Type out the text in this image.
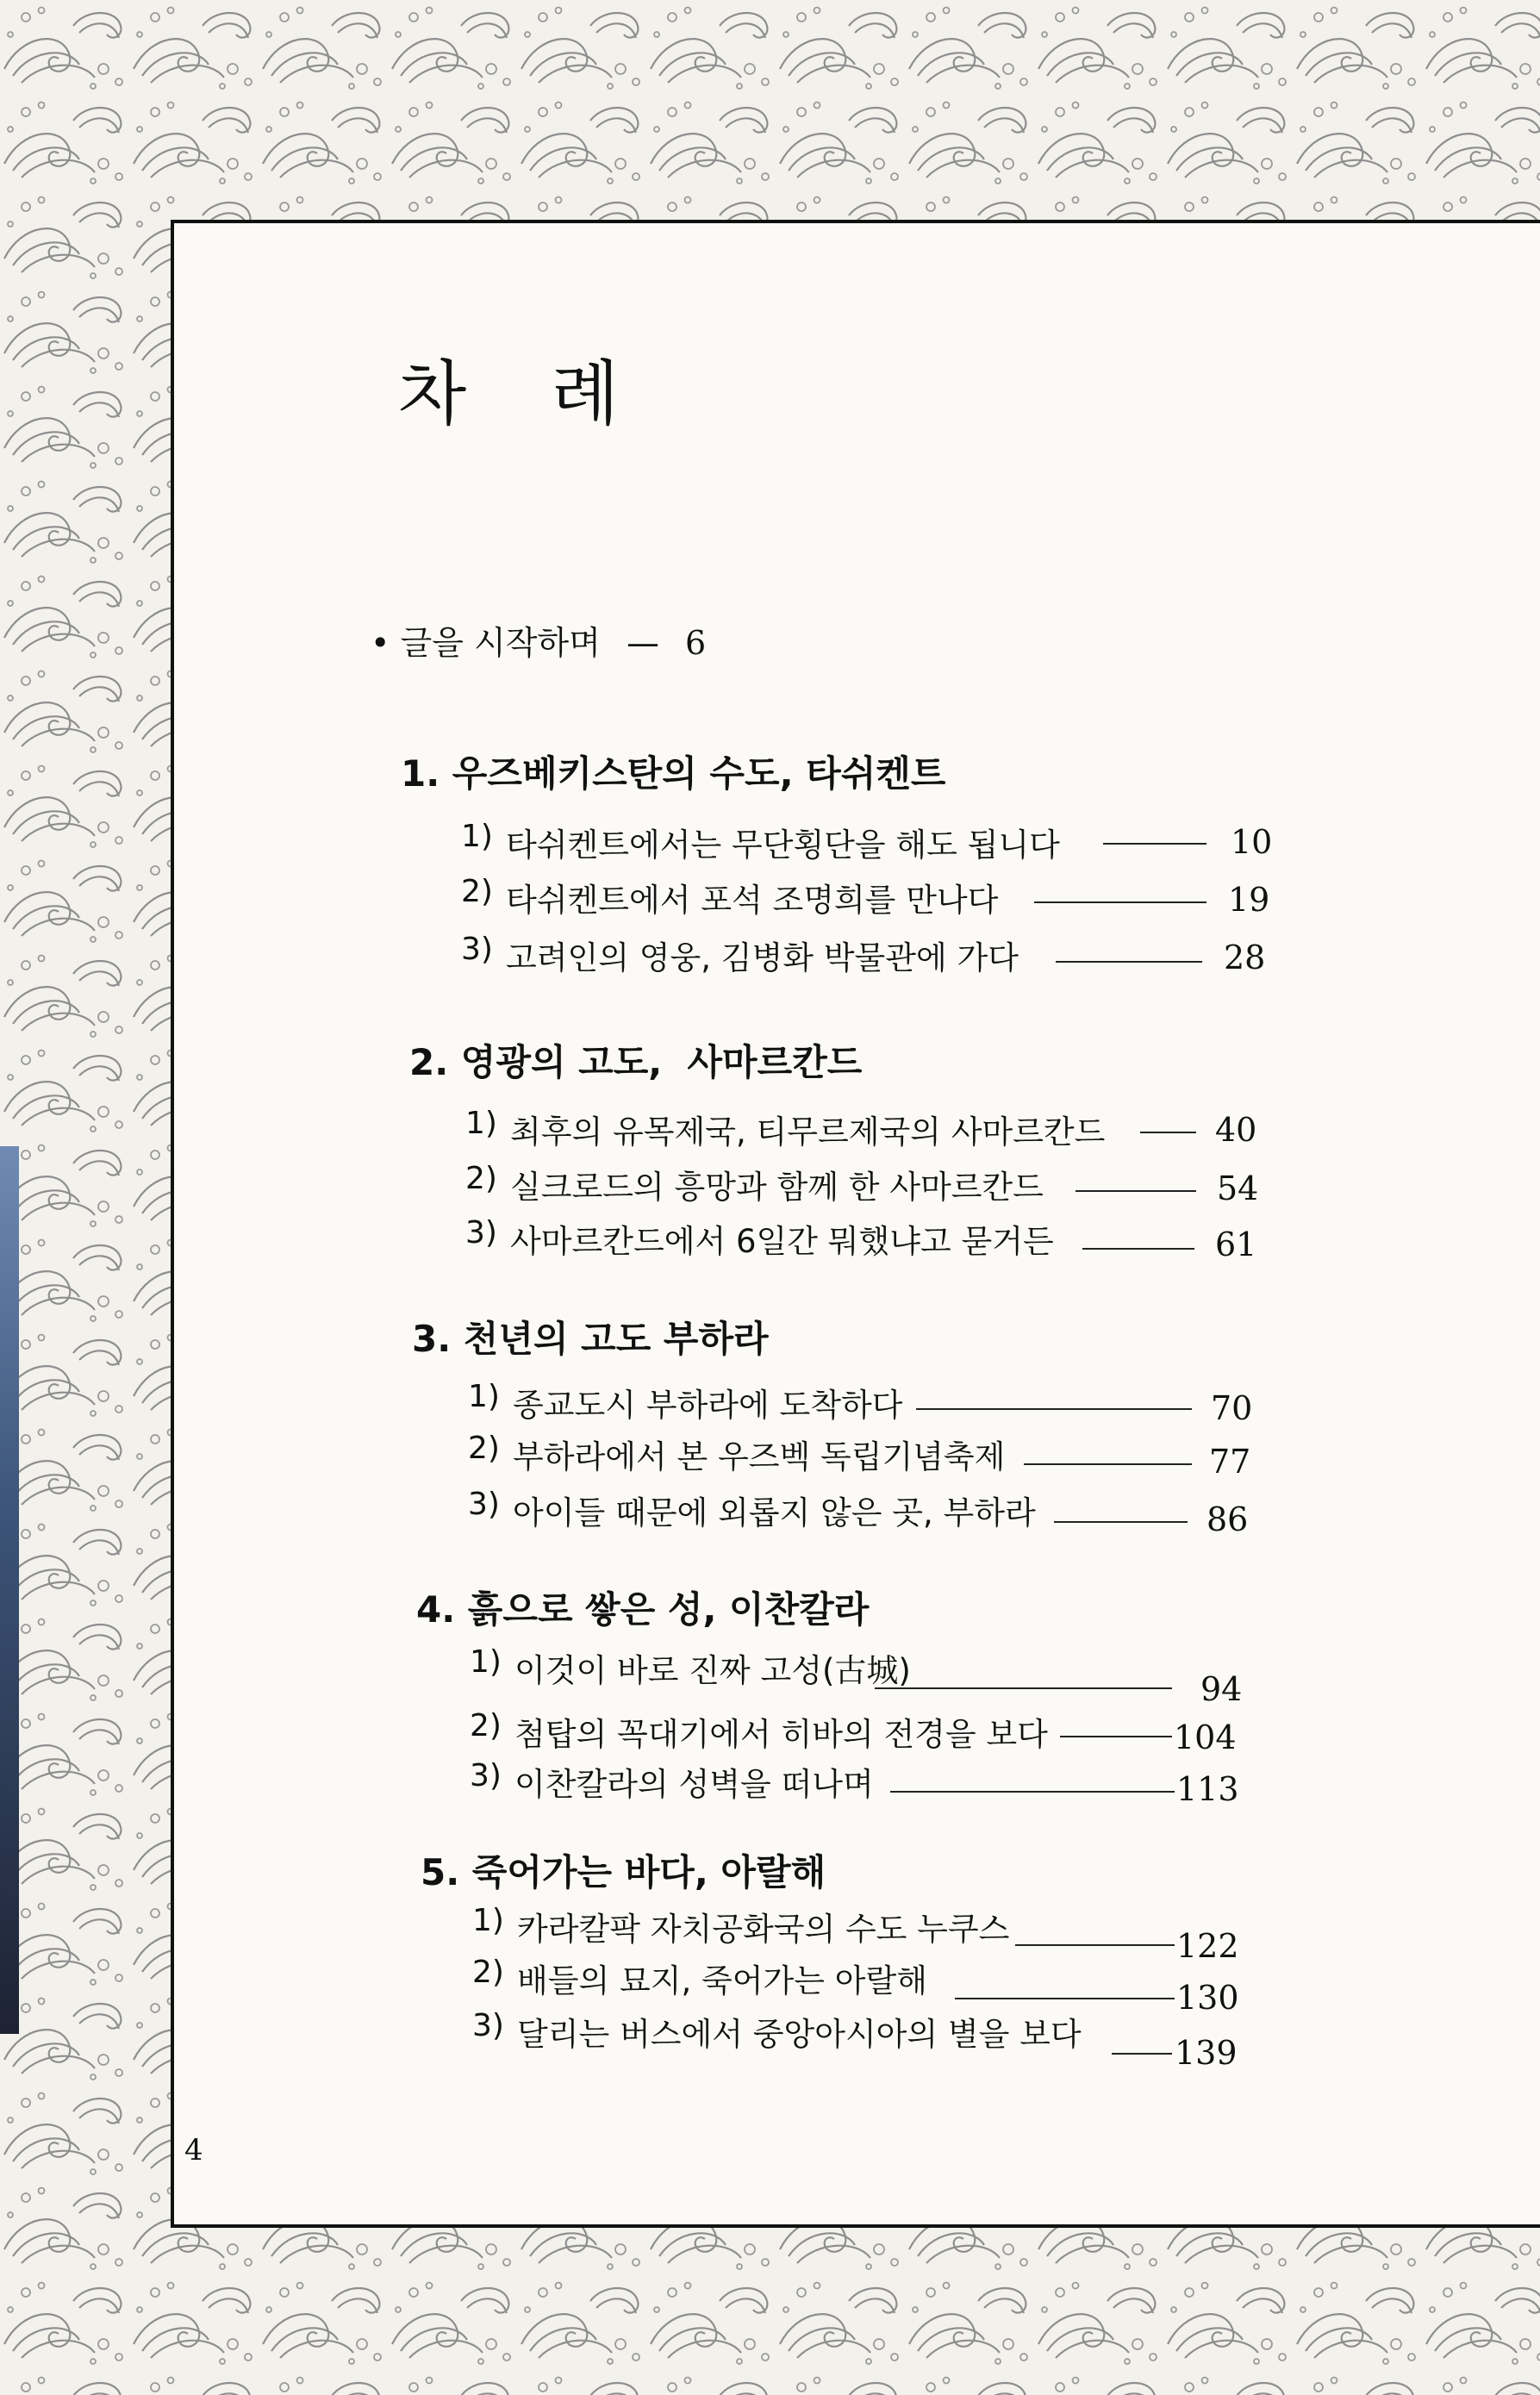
차 례
• 글을 시작하며 — 6
1. 우즈베키스탄의 수도, 타쉬켄트
1) 타쉬켄트에서는 무단횡단을 해도 됩니다	10
2) 타쉬켄트에서 포석 조명희를 만나다	19
3) 고려인의 영웅, 김병화 박물관에 가다	28
2. 영광의 고도,  사마르칸드
1) 최후의 유목제국, 티무르제국의 사마르칸드	40
2) 실크로드의 흥망과 함께 한 사마르칸드	54
3) 사마르칸드에서 6일간 뭐했냐고 묻거든	61
3. 천년의 고도 부하라
1) 종교도시 부하라에 도착하다	70
2) 부하라에서 본 우즈벡 독립기념축제	77
3) 아이들 때문에 외롭지 않은 곳, 부하라	86
4. 흙으로 쌓은 성, 이찬칼라
1) 이것이 바로 진짜 고성(古城)	94
2) 첨탑의 꼭대기에서 히바의 전경을 보다	104
3) 이찬칼라의 성벽을 떠나며	113
5. 죽어가는 바다, 아랄해
1) 카라칼팍 자치공화국의 수도 누쿠스	122
2) 배들의 묘지, 죽어가는 아랄해	130
3) 달리는 버스에서 중앙아시아의 별을 보다	139
4
